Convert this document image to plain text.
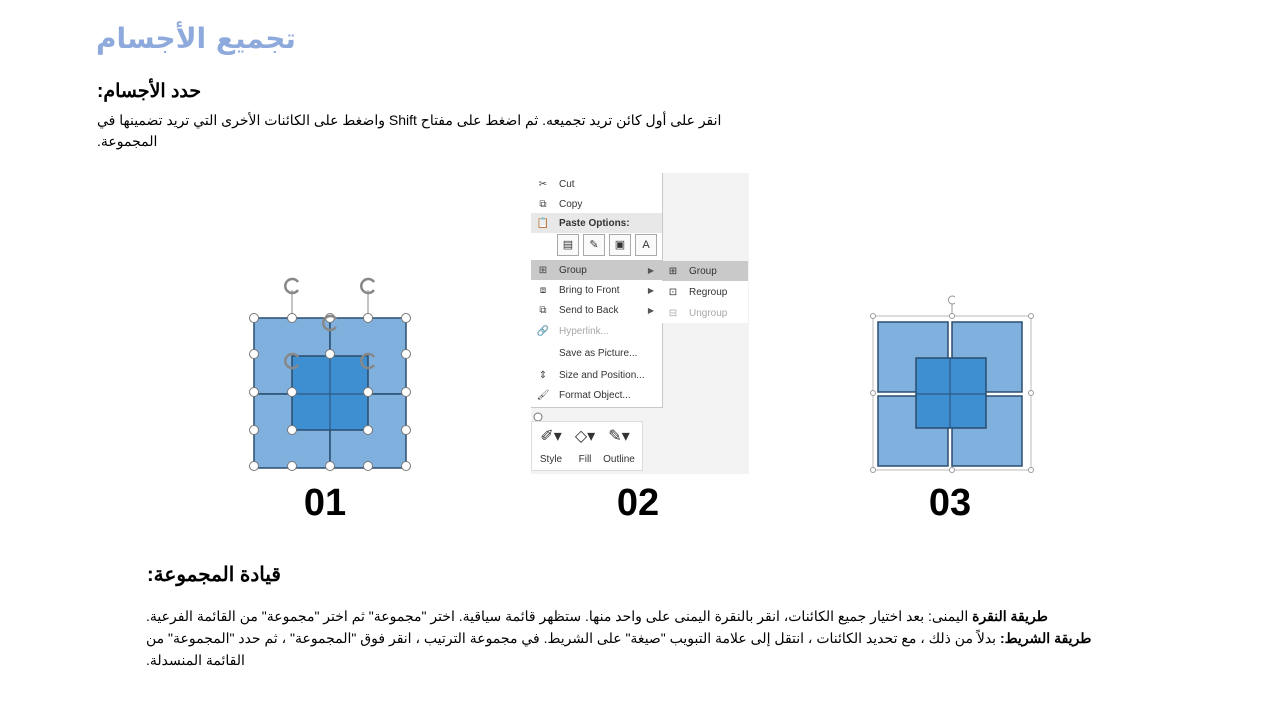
تجميع الأجسام
حدد الأجسام:
انقر على أول كائن تريد تجميعه. ثم اضغط على مفتاح Shift واضغط على الكائنات الأخرى التي تريد تضمينها في المجموعة.
✂	Cut
⧉	Copy
📋 Paste Options:
▤	✎	▣	A
⊞	Group	▶
⧈	Bring to Front	▶
⧉	Send to Back	▶
🔗 Hyperlink...
Save as Picture...
⇕	Size and Position...
🖌 Format Object...
⊞	Group
⊡	Regroup
⊟	Ungroup
✐▾
Style
◇▾
Fill
✎▾
Outline
01	02	03
قيادة المجموعة:
طريقة النقرة اليمنى: بعد اختيار جميع الكائنات، انقر بالنقرة اليمنى على واحد منها. ستظهر قائمة سياقية. اختر "مجموعة" ثم اختر "مجموعة" من القائمة الفرعية.
طريقة الشريط: بدلاً من ذلك ، مع تحديد الكائنات ، انتقل إلى علامة التبويب "صيغة" على الشريط. في مجموعة الترتيب ، انقر فوق "المجموعة" ، ثم حدد "المجموعة" من القائمة المنسدلة.
